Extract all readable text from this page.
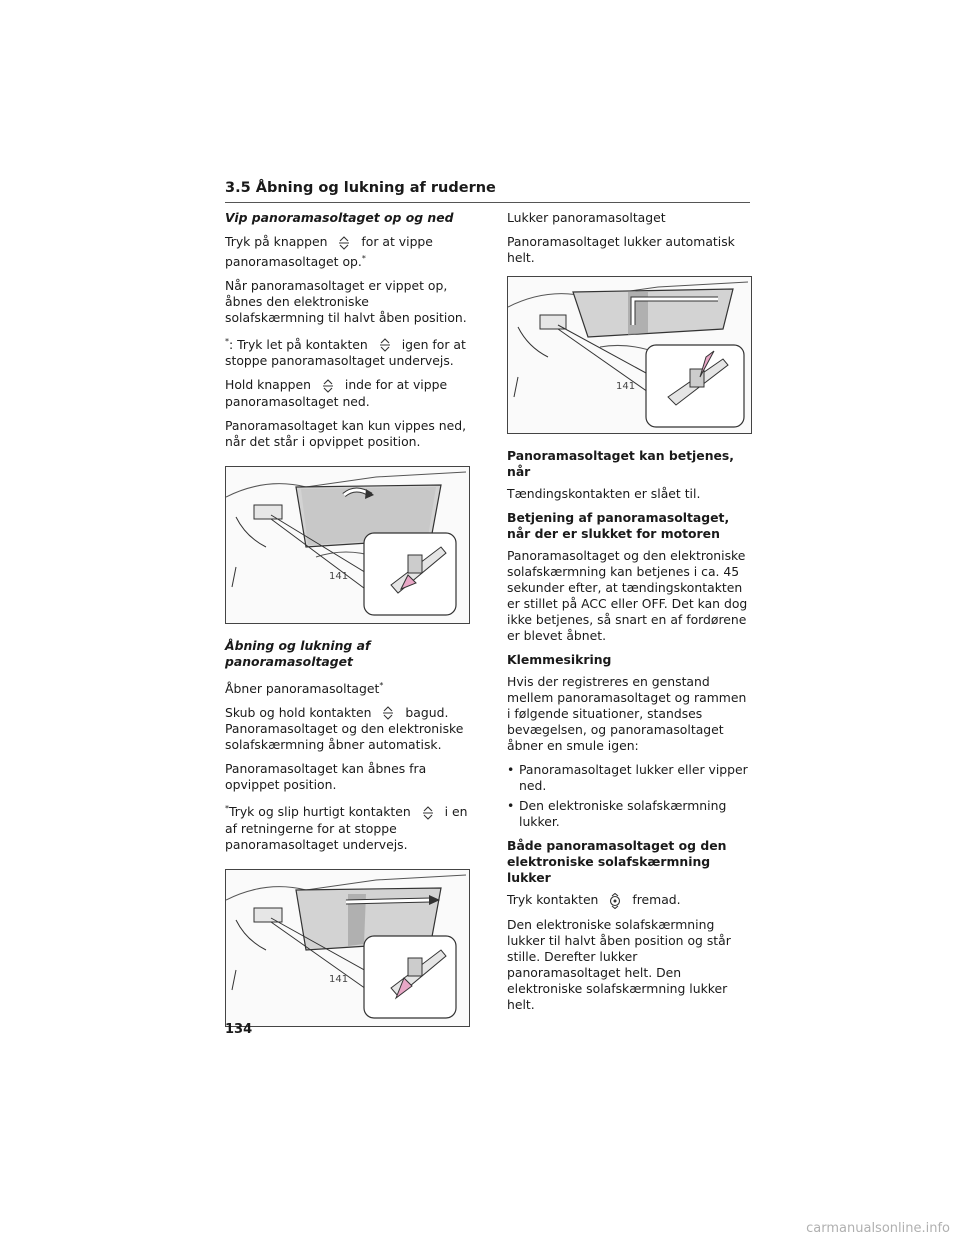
3.5 Åbning og lukning af ruderne

Vip panoramasoltaget op og ned

Tryk på knappen	for at vippe panoramasoltaget op.*

Når panoramasoltaget er vippet op, åbnes den elektroniske solafskærmning til halvt åben position.

*: Tryk let på kontakten	igen for at stoppe panoramasoltaget undervejs.

Hold knappen	inde for at vippe panoramasoltaget ned.

Panoramasoltaget kan kun vippes ned, når det står i opvippet position.

141

Åbning og lukning af panoramasoltaget

Åbner panoramasoltaget*

Skub og hold kontakten	bagud. Panoramasoltaget og den elektroniske solafskærmning åbner automatisk.

Panoramasoltaget kan åbnes fra opvippet position.

*Tryk og slip hurtigt kontakten	i en af retningerne for at stoppe panoramasoltaget undervejs.

141

Lukker panoramasoltaget

Panoramasoltaget lukker automatisk helt.

141

Panoramasoltaget kan betjenes, når

Tændingskontakten er slået til.

Betjening af panoramasoltaget, når der er slukket for motoren

Panoramasoltaget og den elektroniske solafskærmning kan betjenes i ca. 45 sekunder efter, at tændingskontakten er stillet på ACC eller OFF. Det kan dog ikke betjenes, så snart en af fordørene er blevet åbnet.

Klemmesikring

Hvis der registreres en genstand mellem panoramasoltaget og rammen i følgende situationer, standses bevægelsen, og panoramasoltaget åbner en smule igen:

• Panoramasoltaget lukker eller vipper ned.
• Den elektroniske solafskærmning lukker.

Både panoramasoltaget og den elektroniske solafskærmning lukker

Tryk kontakten	fremad.

Den elektroniske solafskærmning lukker til halvt åben position og står stille. Derefter lukker panoramasoltaget helt. Den elektroniske solafskærmning lukker helt.

134
carmanualsonline.info
